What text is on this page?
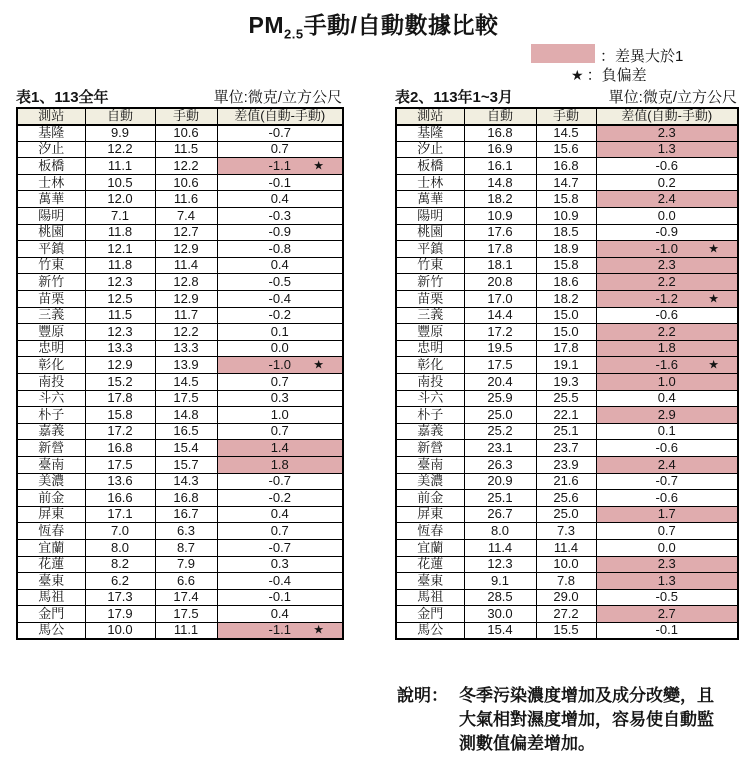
$PM_{2.5}$手動/自動數據比較
：差異大於1
★ ：負偏差
表1、113全年	單位:微克/立方公尺
測站	自動	手動	差值(自動-手動)
基隆	9.9	10.6	-0.7
汐止	12.2	11.5	0.7
板橋	11.1	12.2	-1.1 ★

士林	10.5	10.6	-0.1
萬華	12.0	11.6	0.4
陽明	7.1	7.4	-0.3
桃園	11.8	12.7	-0.9
平鎮	12.1	12.9	-0.8
竹東	11.8	11.4	0.4
新竹	12.3	12.8	-0.5
苗栗	12.5	12.9	-0.4
三義	11.5	11.7	-0.2
豐原	12.3	12.2	0.1
忠明	13.3	13.3	0.0
彰化	12.9	13.9	-1.0 ★

南投	15.2	14.5	0.7
斗六	17.8	17.5	0.3
朴子	15.8	14.8	1.0
嘉義	17.2	16.5	0.7
新營	16.8	15.4	1.4
臺南	17.5	15.7	1.8
美濃	13.6	14.3	-0.7
前金	16.6	16.8	-0.2
屏東	17.1	16.7	0.4
恆春	7.0	6.3	0.7
宜蘭	8.0	8.7	-0.7
花蓮	8.2	7.9	0.3
臺東	6.2	6.6	-0.4
馬祖	17.3	17.4	-0.1
金門	17.9	17.5	0.4
馬公	10.0	11.1	-1.1 ★
表2、113年1~3月	單位:微克/立方公尺
測站	自動	手動	差值(自動-手動)
基隆	16.8	14.5	2.3
汐止	16.9	15.6	1.3
板橋	16.1	16.8	-0.6
士林	14.8	14.7	0.2
萬華	18.2	15.8	2.4
陽明	10.9	10.9	0.0
桃園	17.6	18.5	-0.9
平鎮	17.8	18.9	-1.0 ★

竹東	18.1	15.8	2.3
新竹	20.8	18.6	2.2
苗栗	17.0	18.2	-1.2 ★

三義	14.4	15.0	-0.6
豐原	17.2	15.0	2.2
忠明	19.5	17.8	1.8
彰化	17.5	19.1	-1.6 ★

南投	20.4	19.3	1.0
斗六	25.9	25.5	0.4
朴子	25.0	22.1	2.9
嘉義	25.2	25.1	0.1
新營	23.1	23.7	-0.6
臺南	26.3	23.9	2.4
美濃	20.9	21.6	-0.7
前金	25.1	25.6	-0.6
屏東	26.7	25.0	1.7
恆春	8.0	7.3	0.7
宜蘭	11.4	11.4	0.0
花蓮	12.3	10.0	2.3
臺東	9.1	7.8	1.3
馬祖	28.5	29.0	-0.5
金門	30.0	27.2	2.7
馬公	15.4	15.5	-0.1
說明： 冬季污染濃度增加及成分改變，且大氣相對濕度增加，容易使自動監測數值偏差增加。
